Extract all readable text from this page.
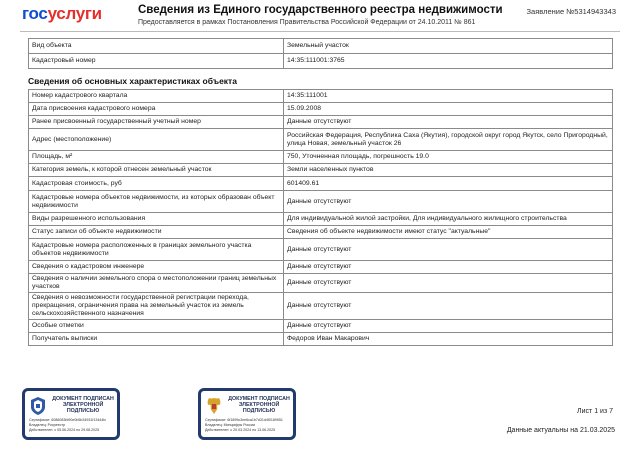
госуслуги	Сведения из Единого государственного реестра недвижимости
Предоставляется в рамках Постановления Правительства Российской Федерации от 24.10.2011 № 861
Заявление №5314943343
Вид объекта	Земельный участок
Кадастровый номер	14:35:111001:3765
Сведения об основных характеристиках объекта
Номер кадастрового квартала	14:35:111001
Дата присвоения кадастрового номера	15.09.2008
Ранее присвоенный государственный учетный номер	Данные отсутствуют
Адрес (местоположение)	Российская Федерация, Республика Саха (Якутия), городской округ город Якутск, село Пригородный, улица Новая, земельный участок 26
Площадь, м²	750, Уточненная площадь, погрешность 19.0
Категория земель, к которой отнесен земельный участок	Земли населенных пунктов
Кадастровая стоимость, руб	601409.61
Кадастровые номера объектов недвижимости, из которых образован объект недвижимости	Данные отсутствуют
Виды разрешенного использования	Для индивидуальной жилой застройки, Для индивидуального жилищного строительства
Статус записи об объекте недвижимости	Сведения об объекте недвижимости имеют статус "актуальные"
Кадастровые номера расположенных в границах земельного участка объектов недвижимости	Данные отсутствуют
Сведения о кадастровом инженере	Данные отсутствуют
Сведения о наличии земельного спора о местоположении границ земельных участков	Данные отсутствуют
Сведения о невозможности государственной регистрации перехода, прекращения, ограничения права на земельный участок из земель сельскохозяйственного назначения	Данные отсутствуют
Особые отметки	Данные отсутствуют
Получатель выписки	Федоров Иван Макарович
ДОКУМЕНТ ПОДПИСАН ЭЛЕКТРОННОЙ ПОДПИСЬЮ
Сертификат: 6086083fd90e0b5b34931f13444fc
Владелец: Росреестр
Действителен: с 05.06.2024 по 29.08.2025
ДОКУМЕНТ ПОДПИСАН ЭЛЕКТРОННОЙ ПОДПИСЬЮ
Сертификат: 6f1899c3ee6ca1b7d31d4f0189551
Владелец: Минцифры России
Действителен: с 20.03.2024 по 13.06.2025
Лист 1 из 7
Данные актуальны на 21.03.2025
